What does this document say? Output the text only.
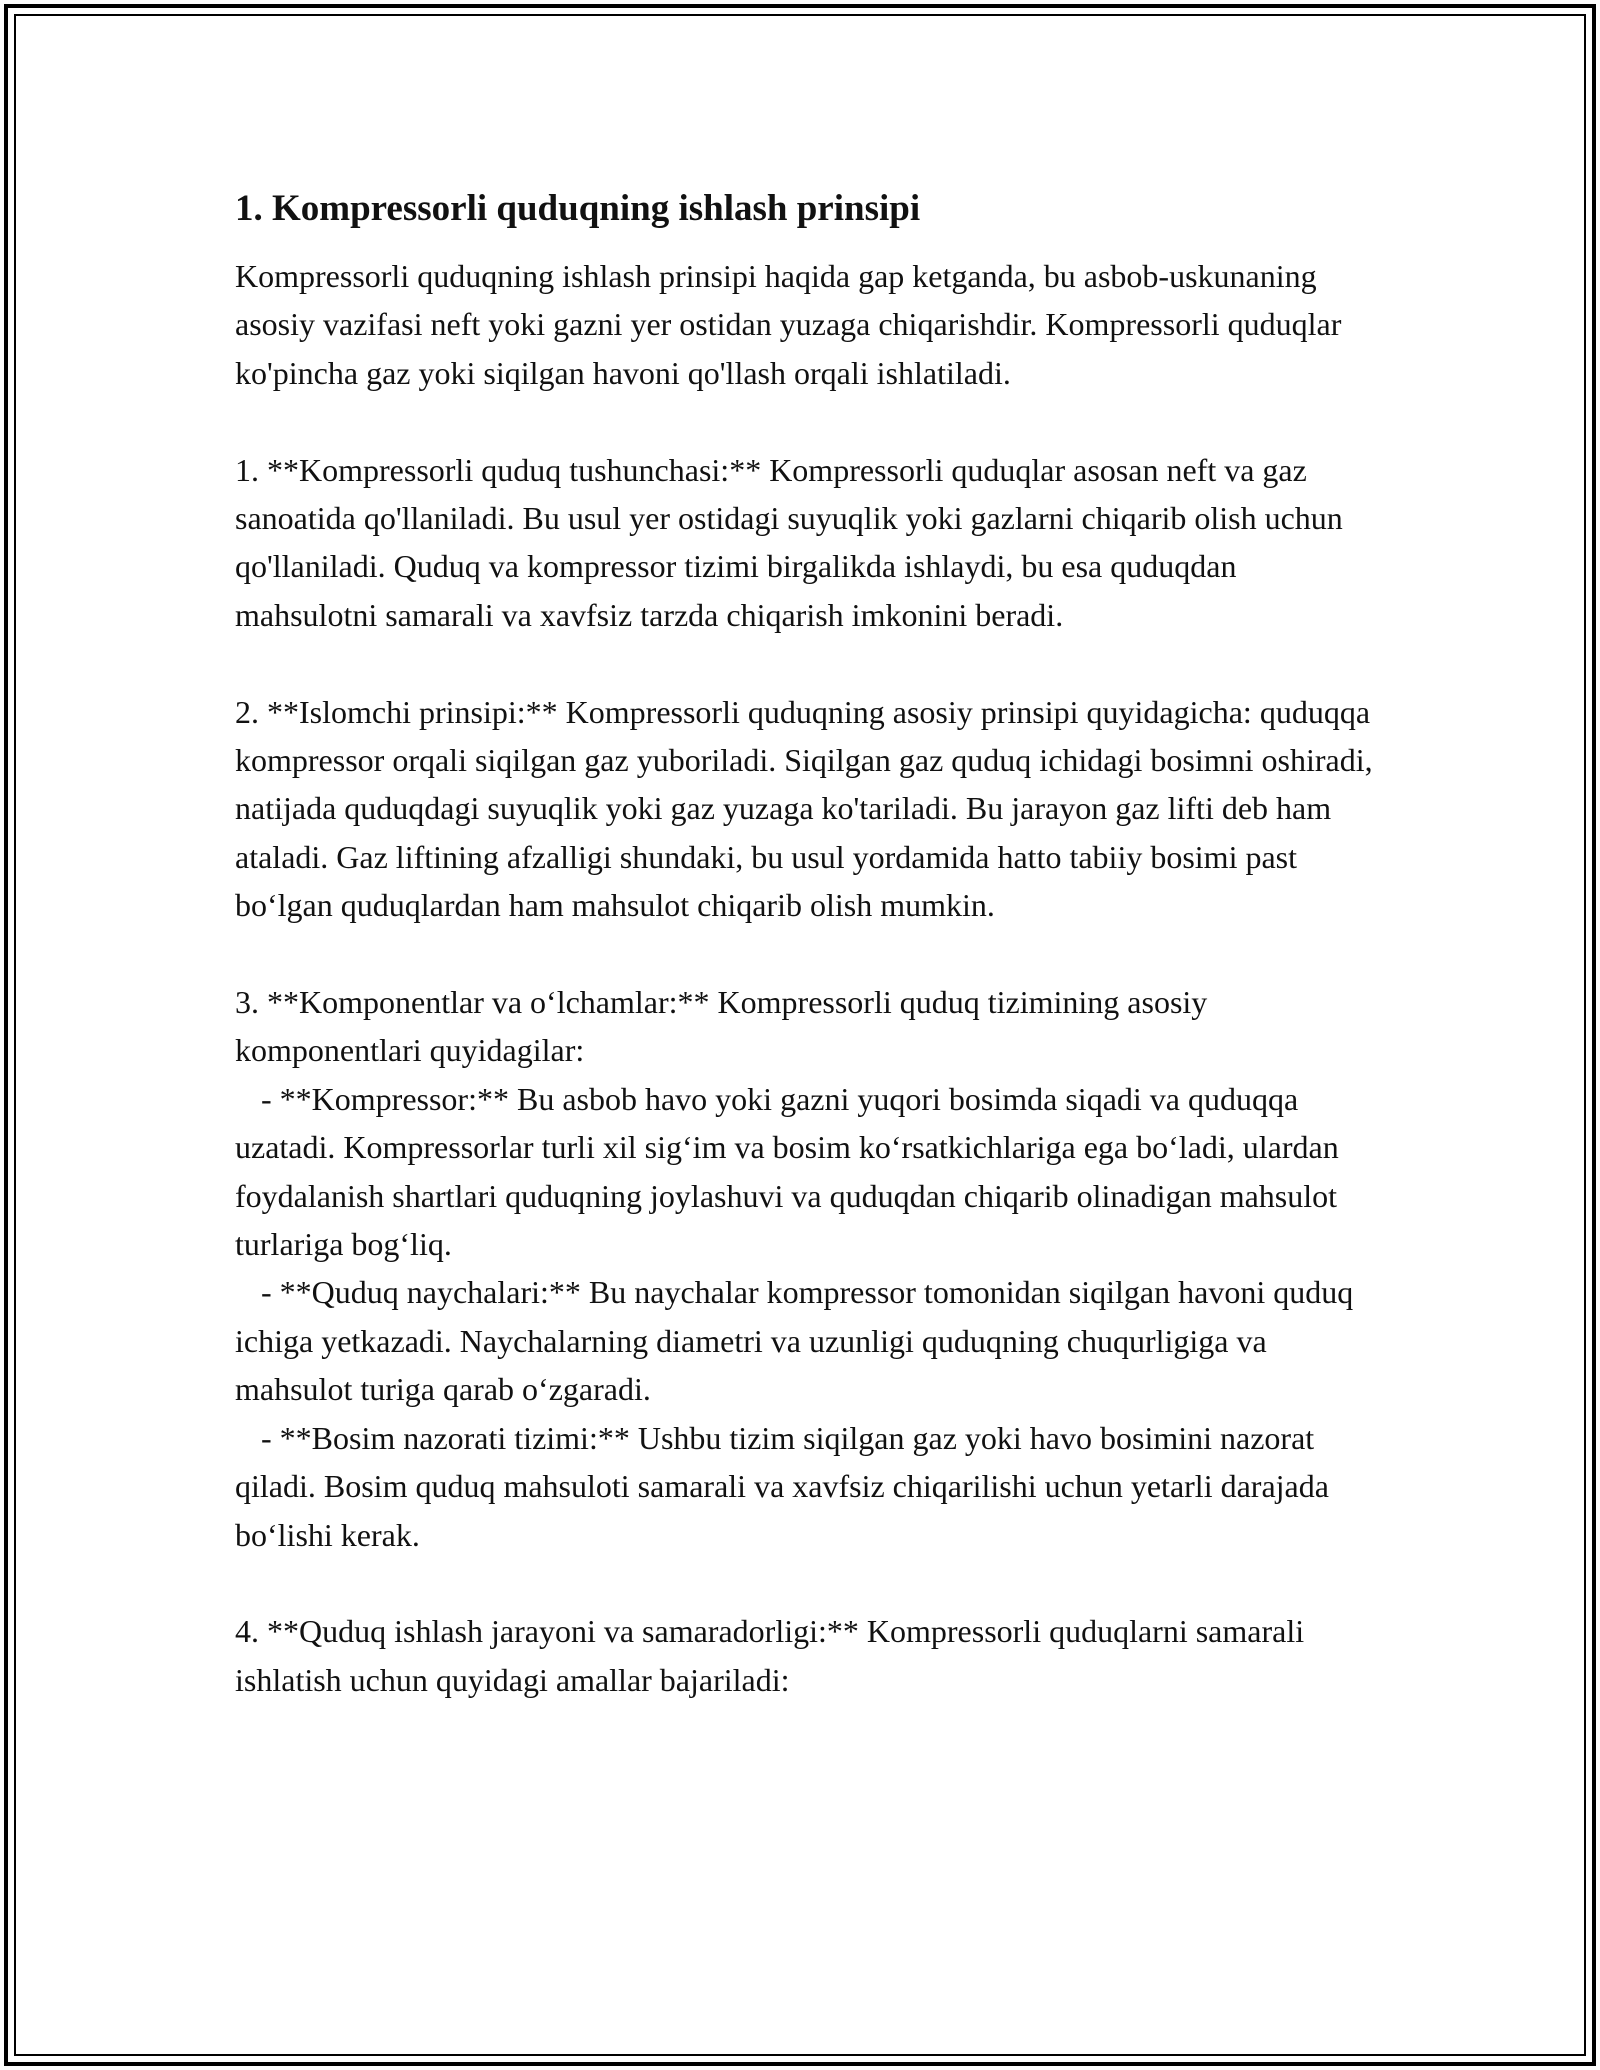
1. Kompressorli quduqning ishlash prinsipi

Kompressorli quduqning ishlash prinsipi haqida gap ketganda, bu asbob-uskunaning asosiy vazifasi neft yoki gazni yer ostidan yuzaga chiqarishdir. Kompressorli quduqlar ko'pincha gaz yoki siqilgan havoni qo'llash orqali ishlatiladi.

1. **Kompressorli quduq tushunchasi:** Kompressorli quduqlar asosan neft va gaz sanoatida qo'llaniladi. Bu usul yer ostidagi suyuqlik yoki gazlarni chiqarib olish uchun qo'llaniladi. Quduq va kompressor tizimi birgalikda ishlaydi, bu esa quduqdan mahsulotni samarali va xavfsiz tarzda chiqarish imkonini beradi.

2. **Islomchi prinsipi:** Kompressorli quduqning asosiy prinsipi quyidagicha: quduqqa kompressor orqali siqilgan gaz yuboriladi. Siqilgan gaz quduq ichidagi bosimni oshiradi, natijada quduqdagi suyuqlik yoki gaz yuzaga ko'tariladi. Bu jarayon gaz lifti deb ham ataladi. Gaz liftining afzalligi shundaki, bu usul yordamida hatto tabiiy bosimi past bo‘lgan quduqlardan ham mahsulot chiqarib olish mumkin.

3. **Komponentlar va o‘lchamlar:** Kompressorli quduq tizimining asosiy komponentlari quyidagilar:
- **Kompressor:** Bu asbob havo yoki gazni yuqori bosimda siqadi va quduqqa uzatadi. Kompressorlar turli xil sig‘im va bosim ko‘rsatkichlariga ega bo‘ladi, ulardan foydalanish shartlari quduqning joylashuvi va quduqdan chiqarib olinadigan mahsulot turlariga bog‘liq.
- **Quduq naychalari:** Bu naychalar kompressor tomonidan siqilgan havoni quduq ichiga yetkazadi. Naychalarning diametri va uzunligi quduqning chuqurligiga va mahsulot turiga qarab o‘zgaradi.
- **Bosim nazorati tizimi:** Ushbu tizim siqilgan gaz yoki havo bosimini nazorat qiladi. Bosim quduq mahsuloti samarali va xavfsiz chiqarilishi uchun yetarli darajada bo‘lishi kerak.

4. **Quduq ishlash jarayoni va samaradorligi:** Kompressorli quduqlarni samarali ishlatish uchun quyidagi amallar bajariladi:
